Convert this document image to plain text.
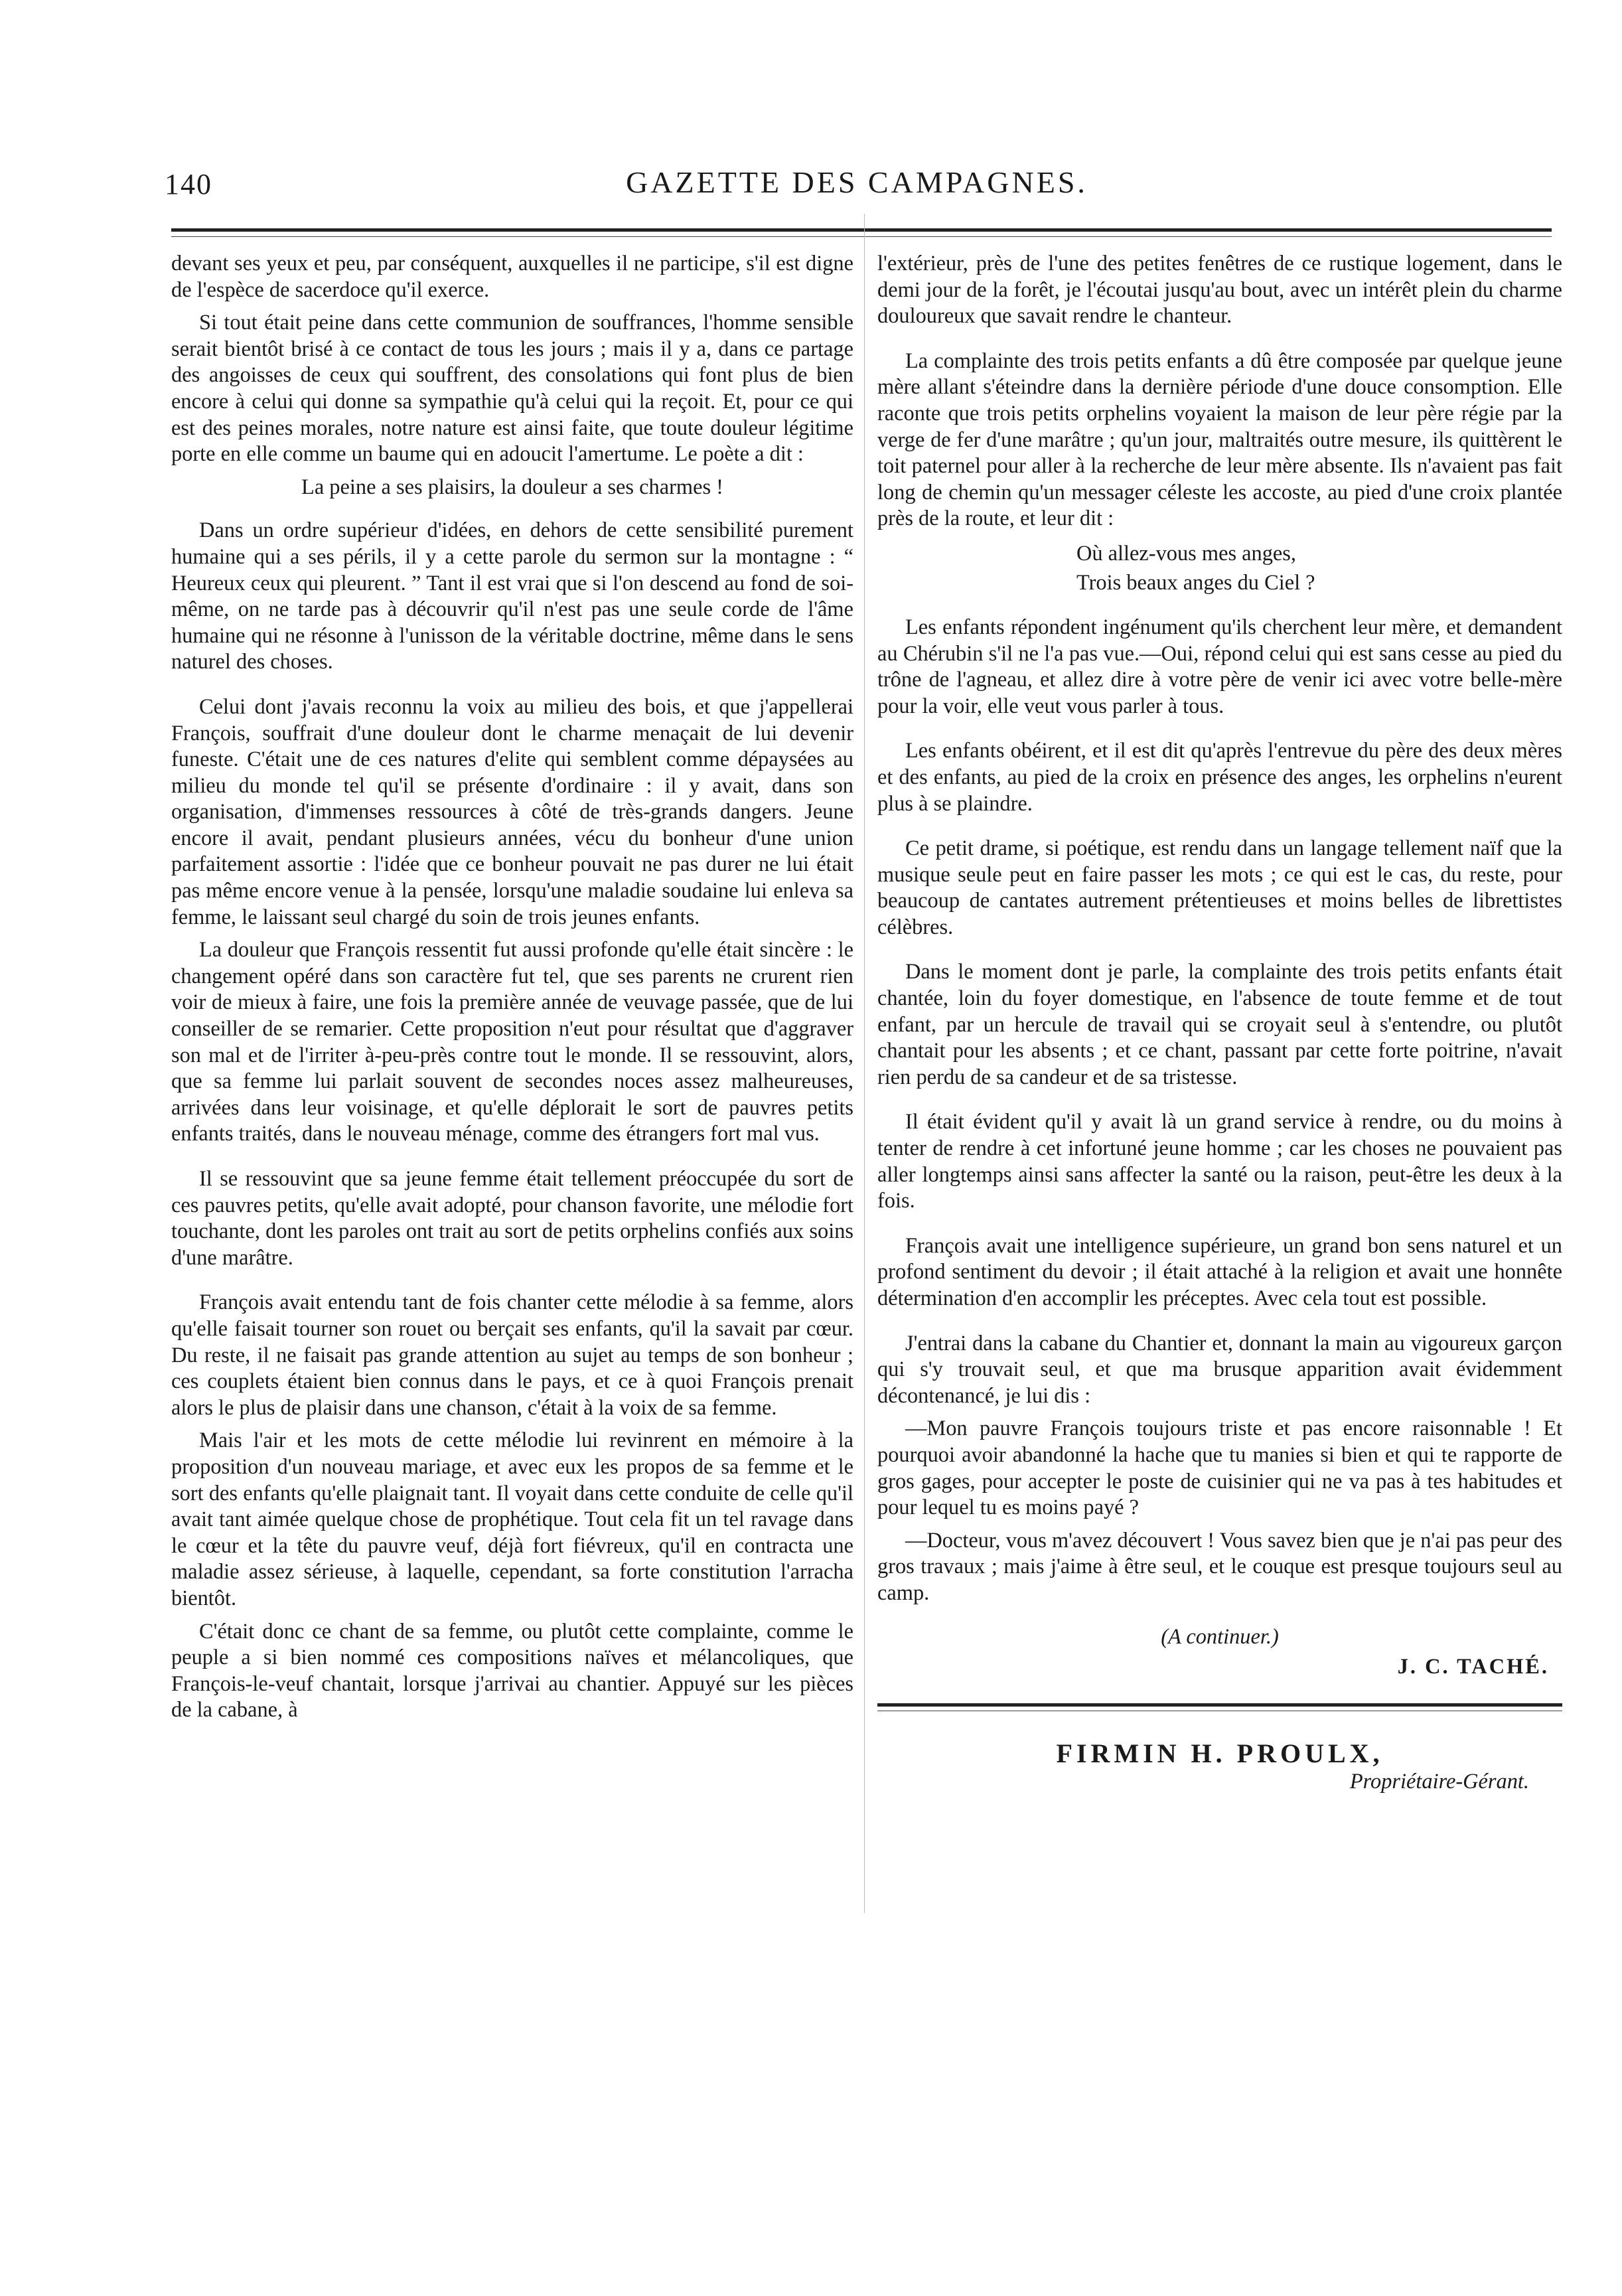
140	GAZETTE DES CAMPAGNES.

devant ses yeux et peu, par conséquent, auxquelles il ne participe, s'il est digne de l'espèce de sacerdoce qu'il exerce.

Si tout était peine dans cette communion de souffrances, l'homme sensible serait bientôt brisé à ce contact de tous les jours ; mais il y a, dans ce partage des angoisses de ceux qui souffrent, des consolations qui font plus de bien encore à celui qui donne sa sympathie qu'à celui qui la reçoit. Et, pour ce qui est des peines morales, notre nature est ainsi faite, que toute douleur légitime porte en elle comme un baume qui en adoucit l'amertume. Le poète a dit :

La peine a ses plaisirs, la douleur a ses charmes !

Dans un ordre supérieur d'idées, en dehors de cette sensibilité purement humaine qui a ses périls, il y a cette parole du sermon sur la montagne : “ Heureux ceux qui pleurent. ” Tant il est vrai que si l'on descend au fond de soi-même, on ne tarde pas à découvrir qu'il n'est pas une seule corde de l'âme humaine qui ne résonne à l'unisson de la véritable doctrine, même dans le sens naturel des choses.

Celui dont j'avais reconnu la voix au milieu des bois, et que j'appellerai François, souffrait d'une douleur dont le charme menaçait de lui devenir funeste. C'était une de ces natures d'elite qui semblent comme dépaysées au milieu du monde tel qu'il se présente d'ordinaire : il y avait, dans son organisation, d'immenses ressources à côté de très-grands dangers. Jeune encore il avait, pendant plusieurs années, vécu du bonheur d'une union parfaitement assortie : l'idée que ce bonheur pouvait ne pas durer ne lui était pas même encore venue à la pensée, lorsqu'une maladie soudaine lui enleva sa femme, le laissant seul chargé du soin de trois jeunes enfants.

La douleur que François ressentit fut aussi profonde qu'elle était sincère : le changement opéré dans son caractère fut tel, que ses parents ne crurent rien voir de mieux à faire, une fois la première année de veuvage passée, que de lui conseiller de se remarier. Cette proposition n'eut pour résultat que d'aggraver son mal et de l'irriter à-peu-près contre tout le monde. Il se ressouvint, alors, que sa femme lui parlait souvent de secondes noces assez malheureuses, arrivées dans leur voisinage, et qu'elle déplorait le sort de pauvres petits enfants traités, dans le nouveau ménage, comme des étrangers fort mal vus.

Il se ressouvint que sa jeune femme était tellement préoccupée du sort de ces pauvres petits, qu'elle avait adopté, pour chanson favorite, une mélodie fort touchante, dont les paroles ont trait au sort de petits orphelins confiés aux soins d'une marâtre.

François avait entendu tant de fois chanter cette mélodie à sa femme, alors qu'elle faisait tourner son rouet ou berçait ses enfants, qu'il la savait par cœur. Du reste, il ne faisait pas grande attention au sujet au temps de son bonheur ; ces couplets étaient bien connus dans le pays, et ce à quoi François prenait alors le plus de plaisir dans une chanson, c'était à la voix de sa femme.

Mais l'air et les mots de cette mélodie lui revinrent en mémoire à la proposition d'un nouveau mariage, et avec eux les propos de sa femme et le sort des enfants qu'elle plaignait tant. Il voyait dans cette conduite de celle qu'il avait tant aimée quelque chose de prophétique. Tout cela fit un tel ravage dans le cœur et la tête du pauvre veuf, déjà fort fiévreux, qu'il en contracta une maladie assez sérieuse, à laquelle, cependant, sa forte constitution l'arracha bientôt.

C'était donc ce chant de sa femme, ou plutôt cette complainte, comme le peuple a si bien nommé ces compositions naïves et mélancoliques, que François-le-veuf chantait, lorsque j'arrivai au chantier. Appuyé sur les pièces de la cabane, à

l'extérieur, près de l'une des petites fenêtres de ce rustique logement, dans le demi jour de la forêt, je l'écoutai jusqu'au bout, avec un intérêt plein du charme douloureux que savait rendre le chanteur.

La complainte des trois petits enfants a dû être composée par quelque jeune mère allant s'éteindre dans la dernière période d'une douce consomption. Elle raconte que trois petits orphelins voyaient la maison de leur père régie par la verge de fer d'une marâtre ; qu'un jour, maltraités outre mesure, ils quittèrent le toit paternel pour aller à la recherche de leur mère absente. Ils n'avaient pas fait long de chemin qu'un messager céleste les accoste, au pied d'une croix plantée près de la route, et leur dit :

Où allez-vous mes anges,
Trois beaux anges du Ciel ?

Les enfants répondent ingénument qu'ils cherchent leur mère, et demandent au Chérubin s'il ne l'a pas vue.—Oui, répond celui qui est sans cesse au pied du trône de l'agneau, et allez dire à votre père de venir ici avec votre belle-mère pour la voir, elle veut vous parler à tous.

Les enfants obéirent, et il est dit qu'après l'entrevue du père des deux mères et des enfants, au pied de la croix en présence des anges, les orphelins n'eurent plus à se plaindre.

Ce petit drame, si poétique, est rendu dans un langage tellement naïf que la musique seule peut en faire passer les mots ; ce qui est le cas, du reste, pour beaucoup de cantates autrement prétentieuses et moins belles de librettistes célèbres.

Dans le moment dont je parle, la complainte des trois petits enfants était chantée, loin du foyer domestique, en l'absence de toute femme et de tout enfant, par un hercule de travail qui se croyait seul à s'entendre, ou plutôt chantait pour les absents ; et ce chant, passant par cette forte poitrine, n'avait rien perdu de sa candeur et de sa tristesse.

Il était évident qu'il y avait là un grand service à rendre, ou du moins à tenter de rendre à cet infortuné jeune homme ; car les choses ne pouvaient pas aller longtemps ainsi sans affecter la santé ou la raison, peut-être les deux à la fois.

François avait une intelligence supérieure, un grand bon sens naturel et un profond sentiment du devoir ; il était attaché à la religion et avait une honnête détermination d'en accomplir les préceptes. Avec cela tout est possible.

J'entrai dans la cabane du Chantier et, donnant la main au vigoureux garçon qui s'y trouvait seul, et que ma brusque apparition avait évidemment décontenancé, je lui dis :

—Mon pauvre François toujours triste et pas encore raisonnable ! Et pourquoi avoir abandonné la hache que tu manies si bien et qui te rapporte de gros gages, pour accepter le poste de cuisinier qui ne va pas à tes habitudes et pour lequel tu es moins payé ?

—Docteur, vous m'avez découvert ! Vous savez bien que je n'ai pas peur des gros travaux ; mais j'aime à être seul, et le couque est presque toujours seul au camp.

(A continuer.)

J. C. TACHÉ.

FIRMIN H. PROULX,

Propriétaire-Gérant.
